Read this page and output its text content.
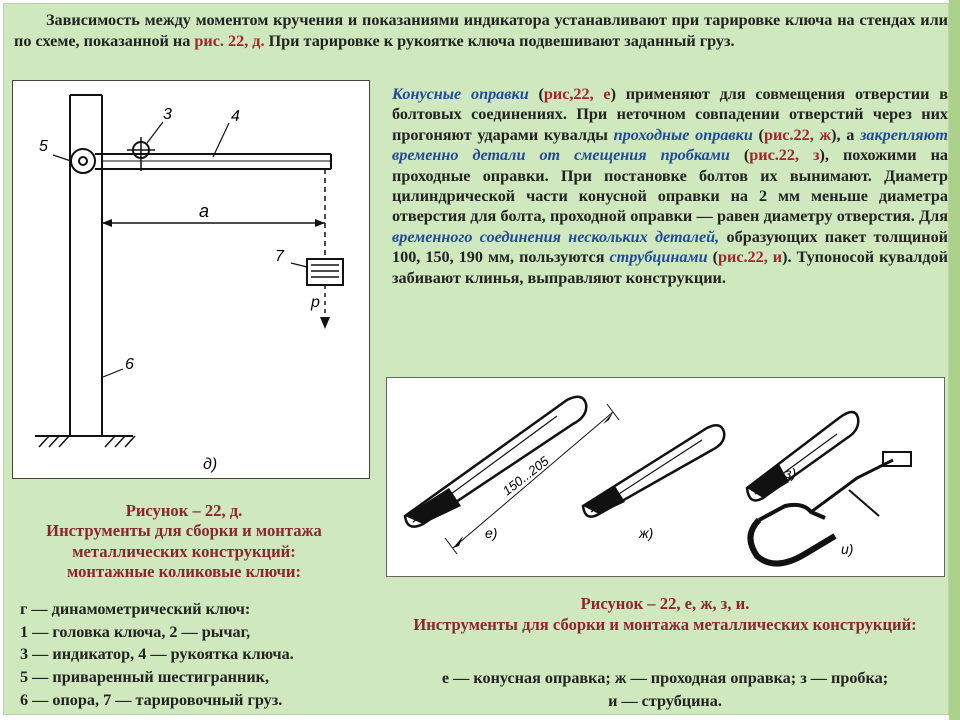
Зависимость между моментом кручения и показаниями индикатора устанавливают при тарировке ключа на стендах или по схеме, показанной на рис. 22, д. При тарировке к рукоятке ключа подвешивают заданный груз.

5
3	4
a
7
p
6
д)

Конусные оправки (рис,22, е) применяют для совмещения отверстии в болтовых соединениях. При неточном совпадении отверстий через них прогоняют ударами кувалды проходные оправки (рис.22, ж), а закрепляют временно детали от смещения пробками (рис.22, з), похожими на проходные оправки. При постановке болтов их вынимают. Диаметр цилиндрической части конусной оправки на 2 мм меньше диаметра отверстия для болта, проходной оправки — равен диаметру отверстия. Для временного соединения нескольких деталей, образующих пакет толщиной 100, 150, 190 мм, пользуются струбцинами (рис.22, и). Тупоносой кувалдой забивают клинья, выправляют конструкции.

150...205
е)	ж)
з)
и)
Рисунок – 22, д.
Инструменты для сборки и монтажа металлических конструкций:
монтажные коликовые ключи:
г — динамометрический ключ:
1 — головка ключа, 2 — рычаг,
3 — индикатор, 4 — рукоятка ключа.
5 — приваренный шестигранник,
6 — опора, 7 — тарировочный груз.
Рисунок – 22, е, ж, з, и.
Инструменты для сборки и монтажа металлических конструкций:
е — конусная оправка; ж — проходная оправка; з — пробка;
и — струбцина.
